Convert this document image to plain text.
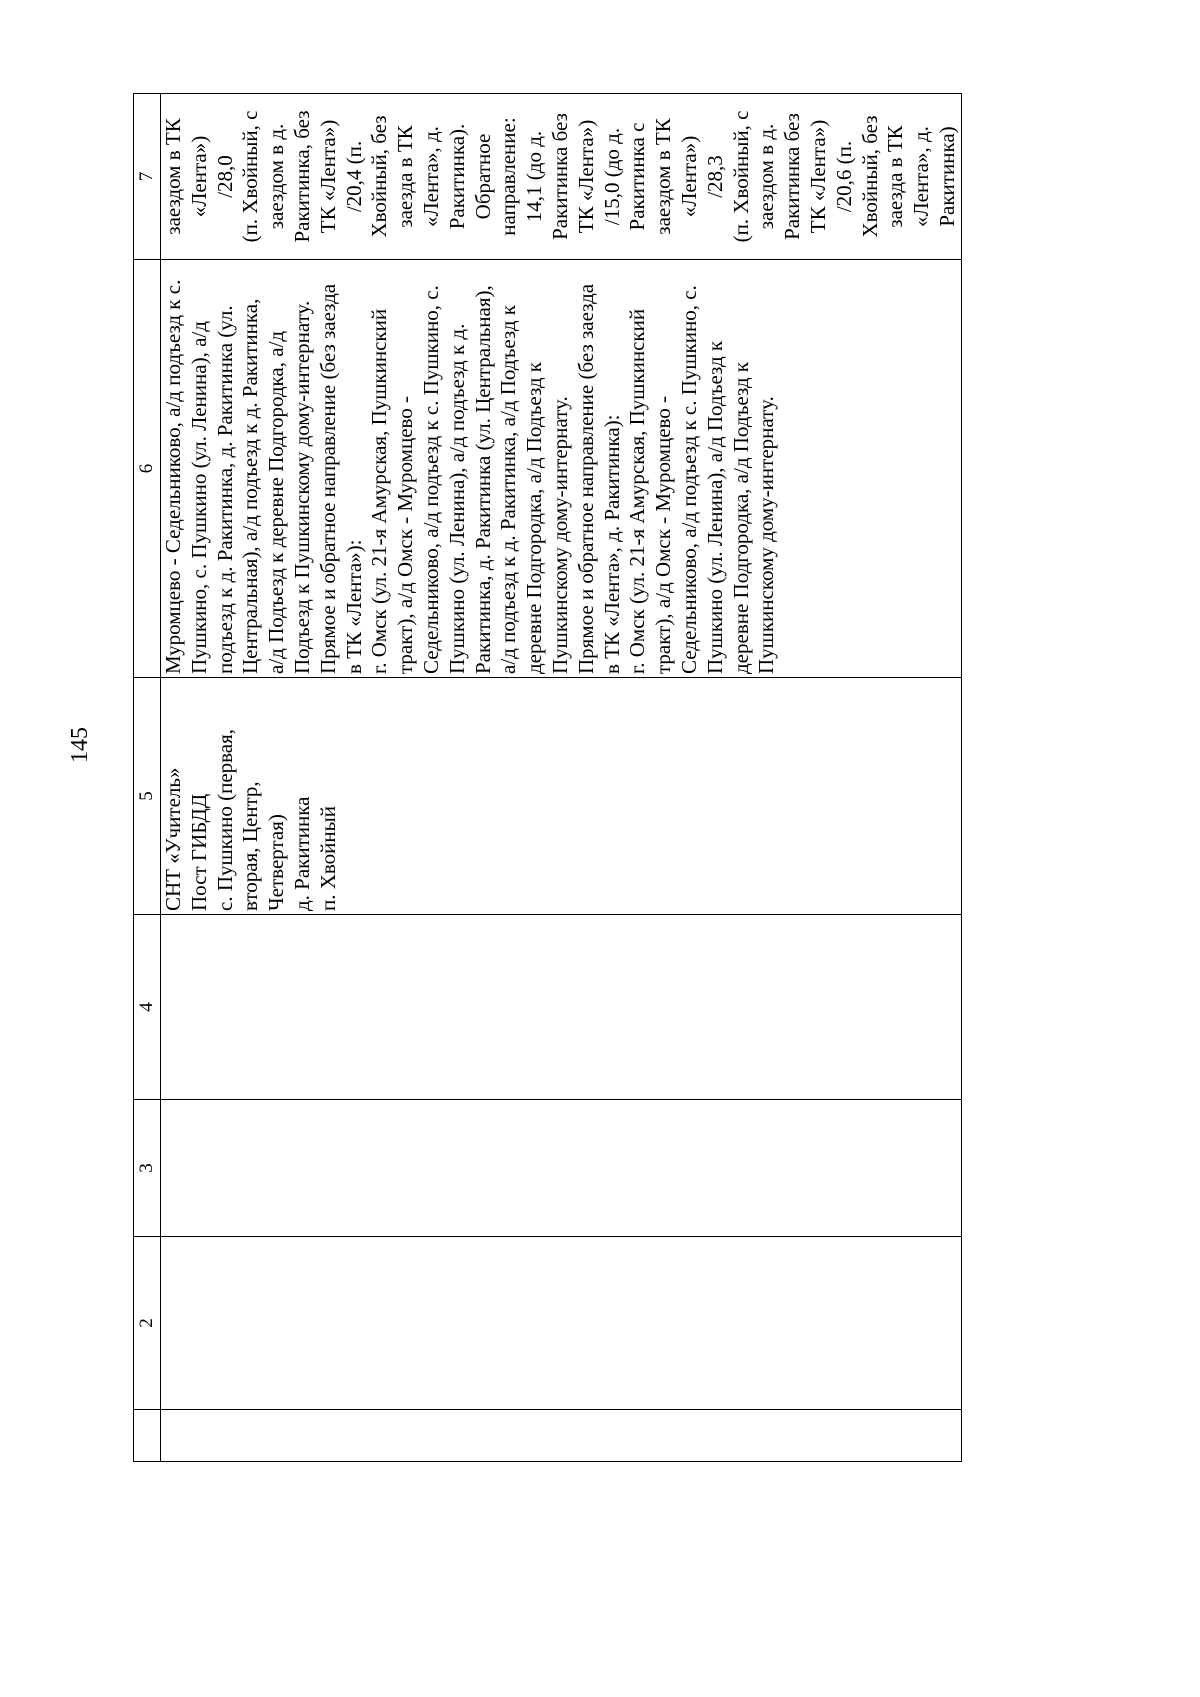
145
2
3
4
5
6
7
СНТ «Учитель» Пост ГИБДД с. Пушкино (первая, вторая, Центр, Четвертая) д. Ракитинка п. Хвойный
Муромцево - Седельниково, а/д подъезд к с. Пушкино, с. Пушкино (ул. Ленина), а/д подъезд к д. Ракитинка, д. Ракитинка (ул. Центральная), а/д подъезд к д. Ракитинка, а/д Подъезд к деревне Подгородка, а/д Подъезд к Пушкинскому дому-интернату. Прямое и обратное направление (без заезда в ТК «Лента»): г. Омск (ул. 21-я Амурская, Пушкинский тракт), а/д Омск - Муромцево - Седельниково, а/д подъезд к с. Пушкино, с. Пушкино (ул. Ленина), а/д подъезд к д. Ракитинка, д. Ракитинка (ул. Центральная), а/д подъезд к д. Ракитинка, а/д Подъезд к деревне Подгородка, а/д Подъезд к Пушкинскому дому-интернату. Прямое и обратное направление (без заезда в ТК «Лента», д. Ракитинка): г. Омск (ул. 21-я Амурская, Пушкинский тракт), а/д Омск - Муромцево - Седельниково, а/д подъезд к с. Пушкино, с. Пушкино (ул. Ленина), а/д Подъезд к деревне Подгородка, а/д Подъезд к Пушкинскому дому-интернату.
заездом в ТК «Лента») /28,0 (п. Хвойный, с заездом в д. Ракитинка, без ТК «Лента») /20,4 (п. Хвойный, без заезда в ТК «Лента», д. Ракитинка). Обратное направление: 14,1 (до д. Ракитинка без ТК «Лента») /15,0 (до д. Ракитинка с заездом в ТК «Лента») /28,3 (п. Хвойный, с заездом в д. Ракитинка без ТК «Лента») /20,6 (п. Хвойный, без заезда в ТК «Лента», д. Ракитинка)
